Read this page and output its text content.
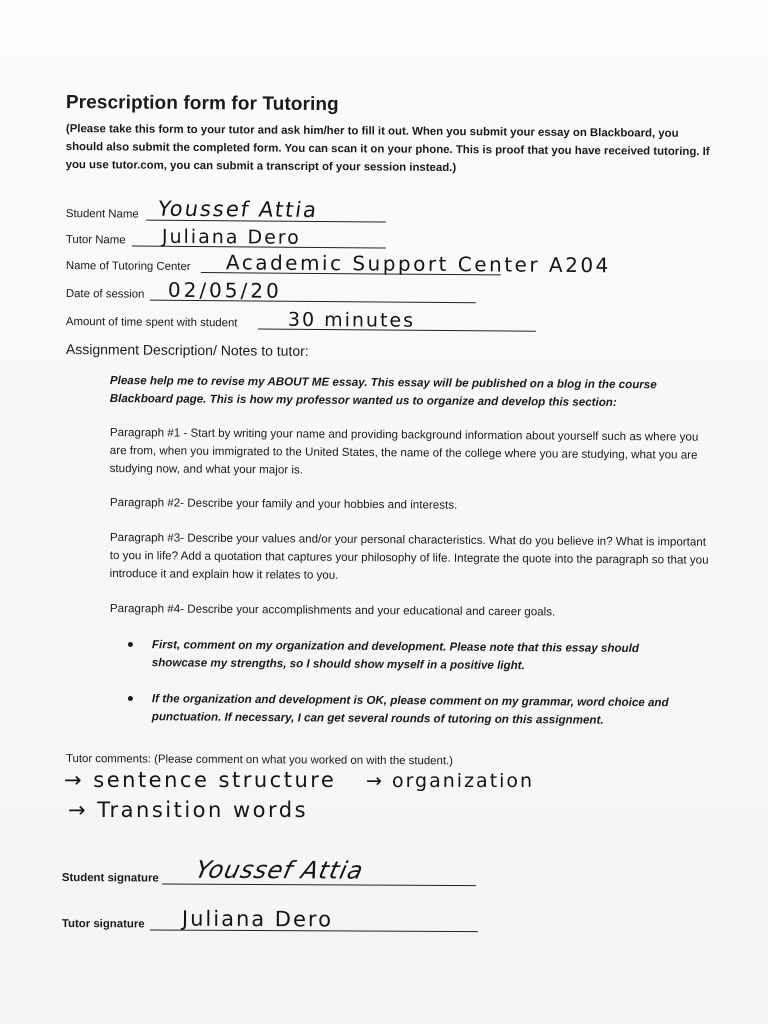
Prescription form for Tutoring
(Please take this form to your tutor and ask him/her to fill it out. When you submit your essay on Blackboard, you should also submit the completed form. You can scan it on your phone. This is proof that you have received tutoring. If you use tutor.com, you can submit a transcript of your session instead.)
Student Name Youssef Attia
Tutor Name Juliana Dero
Name of Tutoring Center Academic Support Center A204
Date of session 02/05/20
Amount of time spent with student	30 minutes
Assignment Description/ Notes to tutor:
Please help me to revise my ABOUT ME essay. This essay will be published on a blog in the course Blackboard page. This is how my professor wanted us to organize and develop this section:
Paragraph #1 - Start by writing your name and providing background information about yourself such as where you are from, when you immigrated to the United States, the name of the college where you are studying, what you are studying now, and what your major is.
Paragraph #2- Describe your family and your hobbies and interests.
Paragraph #3- Describe your values and/or your personal characteristics. What do you believe in? What is important to you in life? Add a quotation that captures your philosophy of life. Integrate the quote into the paragraph so that you introduce it and explain how it relates to you.
Paragraph #4- Describe your accomplishments and your educational and career goals.
First, comment on my organization and development. Please note that this essay should showcase my strengths, so I should show myself in a positive light.
If the organization and development is OK, please comment on my grammar, word choice and punctuation. If necessary, I can get several rounds of tutoring on this assignment.
Tutor comments: (Please comment on what you worked on with the student.)
→ sentence structure → organization
→ Transition words
Student signature Youssef Attia
Tutor signature Juliana Dero
